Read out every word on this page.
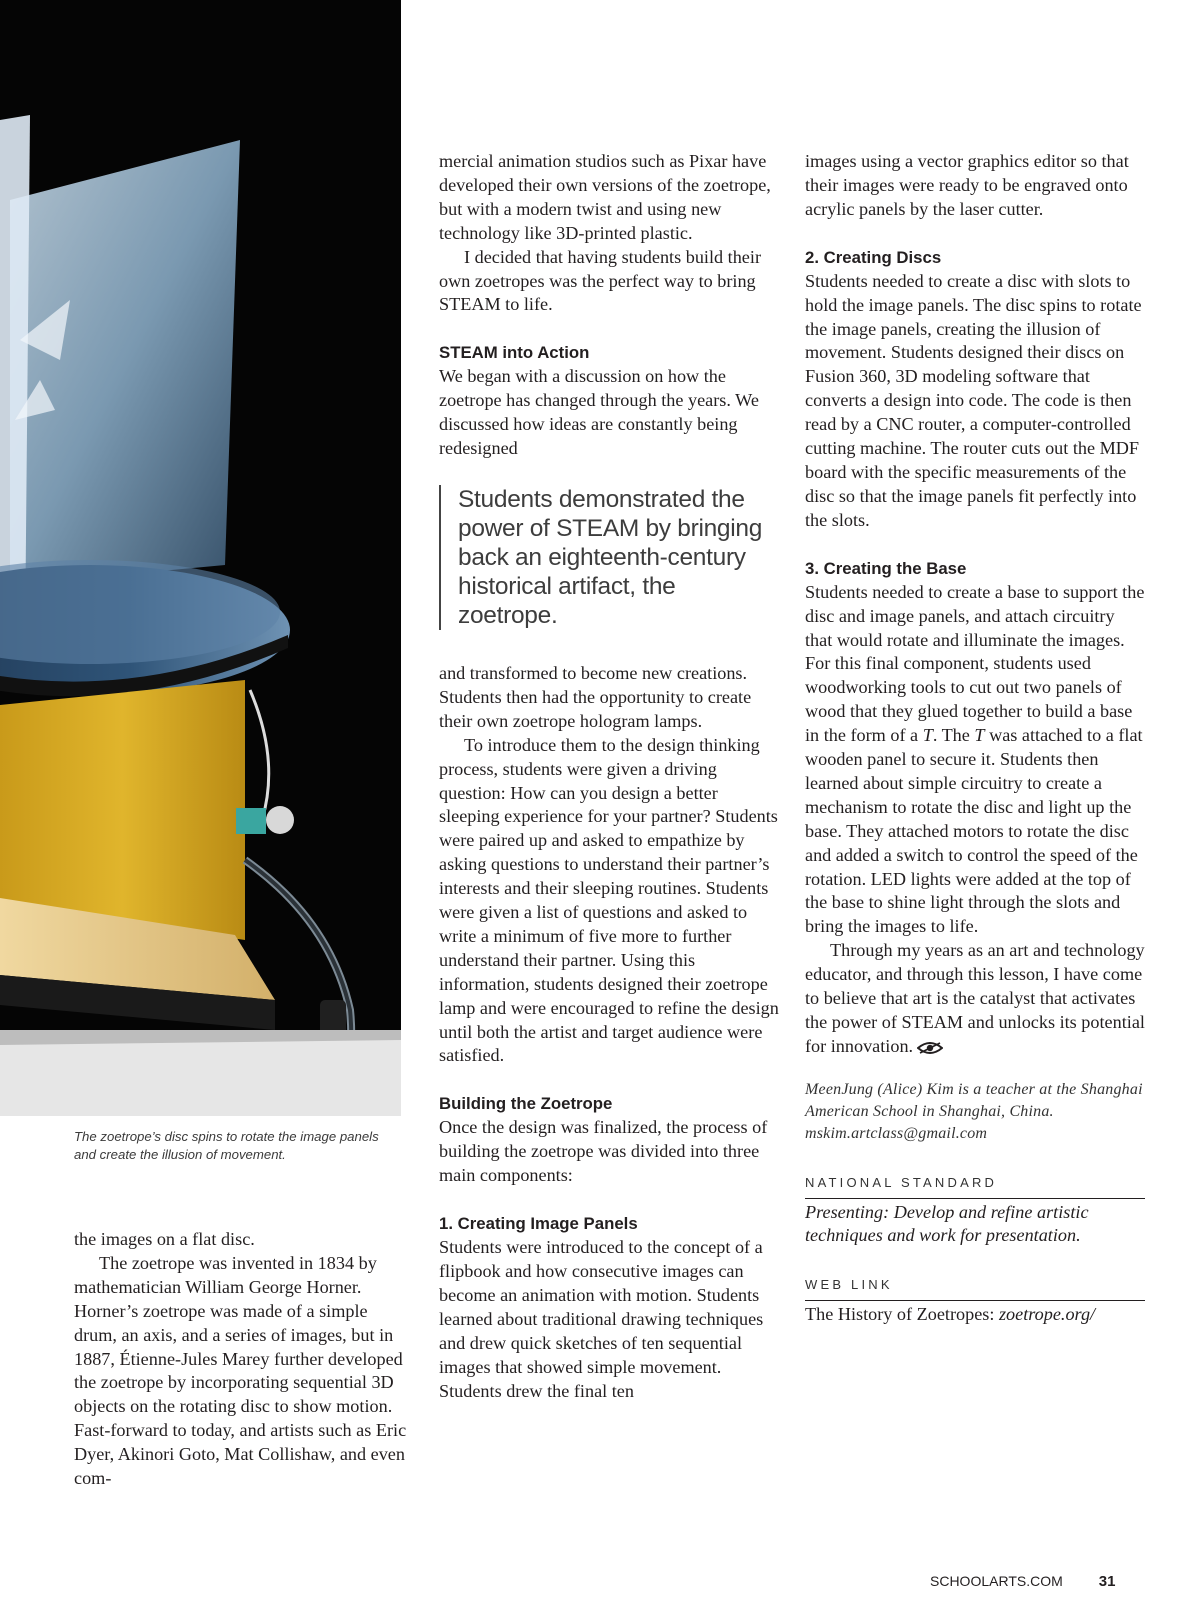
The zoetrope’s disc spins to rotate the image panels and create the illusion of movement.

the images on a flat disc.

The zoetrope was invented in 1834 by mathematician William George Horner. Horner’s zoetrope was made of a simple drum, an axis, and a series of images, but in 1887, Étienne-Jules Marey further developed the zoetrope by incorporating sequential 3D objects on the rotating disc to show motion. Fast-forward to today, and artists such as Eric Dyer, Akinori Goto, Mat Collishaw, and even com-

mercial animation studios such as Pixar have developed their own versions of the zoetrope, but with a modern twist and using new technology like 3D-printed plastic.

I decided that having students build their own zoetropes was the perfect way to bring STEAM to life.

STEAM into Action

We began with a discussion on how the zoetrope has changed through the years. We discussed how ideas are constantly being redesigned

Students demonstrated the power of STEAM by bringing back an eighteenth-century historical artifact, the zoetrope.

and transformed to become new creations. Students then had the opportunity to create their own zoetrope hologram lamps.

To introduce them to the design thinking process, students were given a driving question: How can you design a better sleeping experience for your partner? Students were paired up and asked to empathize by asking questions to understand their partner’s interests and their sleeping routines. Students were given a list of questions and asked to write a minimum of five more to further understand their partner. Using this information, students designed their zoetrope lamp and were encouraged to refine the design until both the artist and target audience were satisfied.

Building the Zoetrope

Once the design was finalized, the process of building the zoetrope was divided into three main components:

1. Creating Image Panels

Students were introduced to the concept of a flipbook and how consecutive images can become an animation with motion. Students learned about traditional drawing techniques and drew quick sketches of ten sequential images that showed simple movement. Students drew the final ten

images using a vector graphics editor so that their images were ready to be engraved onto acrylic panels by the laser cutter.

2. Creating Discs

Students needed to create a disc with slots to hold the image panels. The disc spins to rotate the image panels, creating the illusion of movement. Students designed their discs on Fusion 360, 3D modeling software that converts a design into code. The code is then read by a CNC router, a computer-controlled cutting machine. The router cuts out the MDF board with the specific measurements of the disc so that the image panels fit perfectly into the slots.

3. Creating the Base

Students needed to create a base to support the disc and image panels, and attach circuitry that would rotate and illuminate the images. For this final component, students used woodworking tools to cut out two panels of wood that they glued together to build a base in the form of a T. The T was attached to a flat wooden panel to secure it. Students then learned about simple circuitry to create a mechanism to rotate the disc and light up the base. They attached motors to rotate the disc and added a switch to control the speed of the rotation. LED lights were added at the top of the base to shine light through the slots and bring the images to life.

Through my years as an art and technology educator, and through this lesson, I have come to believe that art is the catalyst that activates the power of STEAM and unlocks its potential for innovation.

MeenJung (Alice) Kim is a teacher at the Shanghai American School in Shanghai, China. mskim.artclass@gmail.com
NATIONAL STANDARD
Presenting: Develop and refine artistic techniques and work for presentation.
WEB LINK
The History of Zoetropes: zoetrope.org/
SCHOOLARTS.COM 31
